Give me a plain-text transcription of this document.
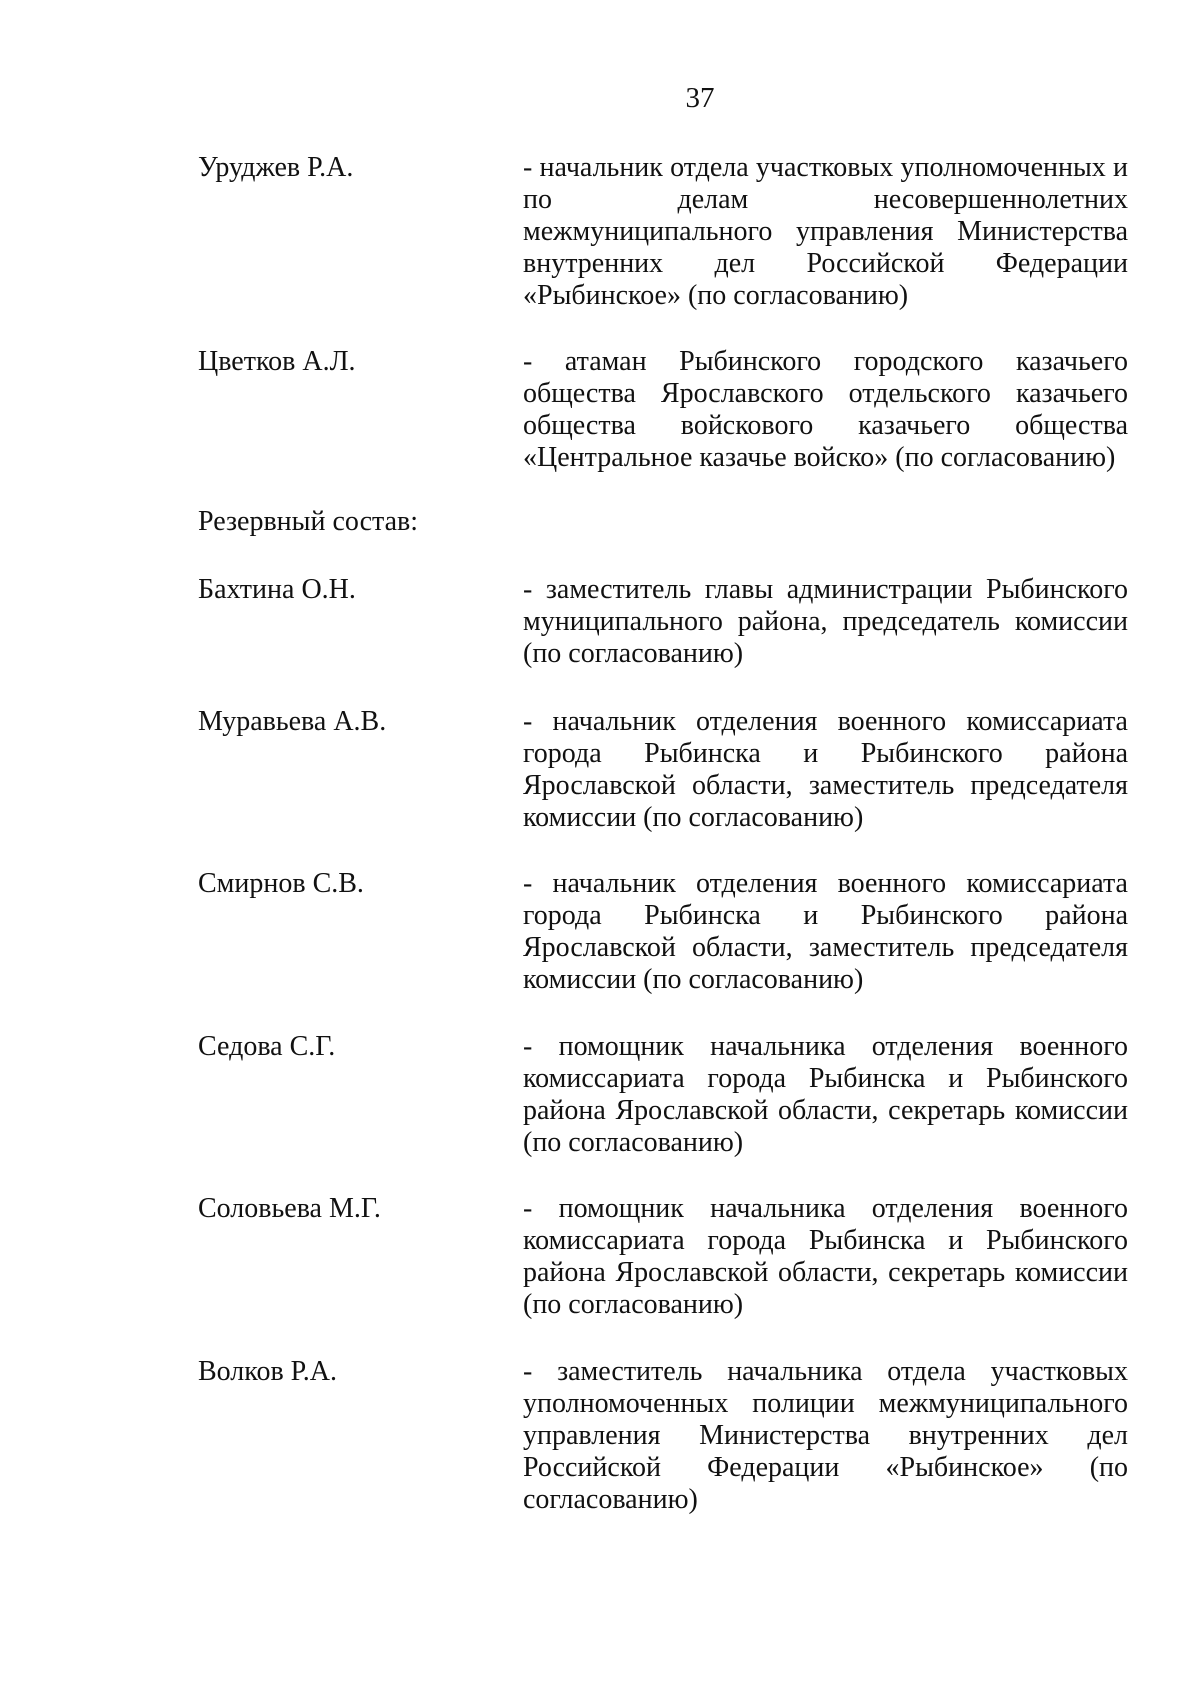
37
Уруджев Р.А.	- начальник отдела участковых уполномоченных и по делам несовершеннолетних межмуниципального управления Министерства внутренних дел Российской Федерации «Рыбинское» (по согласованию)
Цветков А.Л.	- атаман Рыбинского городского казачьего общества Ярославского отдельского казачьего общества войскового казачьего общества «Центральное казачье войско» (по согласованию)
Резервный состав:
Бахтина О.Н.	- заместитель главы администрации Рыбинского муниципального района, председатель комиссии (по согласованию)
Муравьева А.В.	- начальник отделения военного комиссариата города Рыбинска и Рыбинского района Ярославской области, заместитель председателя комиссии (по согласованию)
Смирнов С.В.	- начальник отделения военного комиссариата города Рыбинска и Рыбинского района Ярославской области, заместитель председателя комиссии (по согласованию)
Седова С.Г.	- помощник начальника отделения военного комиссариата города Рыбинска и Рыбинского района Ярославской области, секретарь комиссии (по согласованию)
Соловьева М.Г.	- помощник начальника отделения военного комиссариата города Рыбинска и Рыбинского района Ярославской области, секретарь комиссии (по согласованию)
Волков Р.А.	- заместитель начальника отдела участковых уполномоченных полиции межмуниципального управления Министерства внутренних дел Российской Федерации «Рыбинское» (по согласованию)
